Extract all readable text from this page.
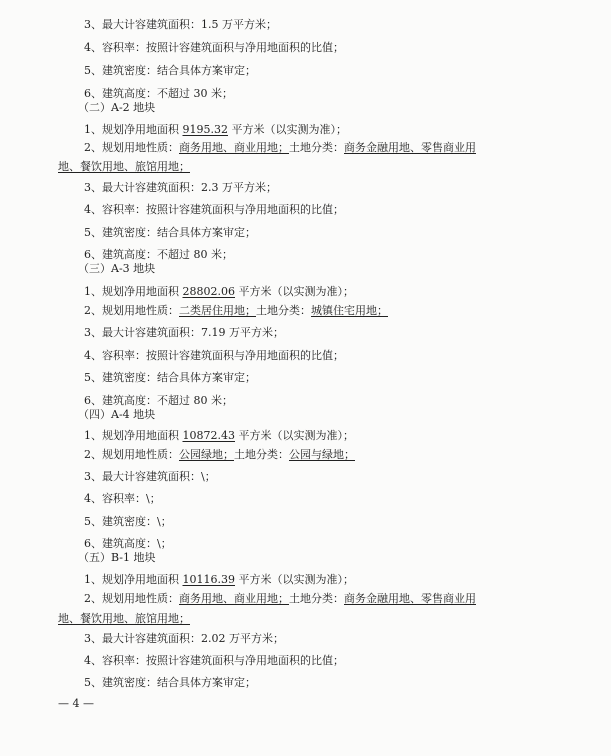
3、最大计容建筑面积：1.5 万平方米；
4、容积率：按照计容建筑面积与净用地面积的比值；
5、建筑密度：结合具体方案审定；
6、建筑高度：不超过 30 米；
（二）A-2 地块
1、规划净用地面积 9195.32 平方米（以实测为准）；
2、规划用地性质：商务用地、商业用地；土地分类：商务金融用地、零售商业用
地、餐饮用地、旅馆用地；
3、最大计容建筑面积：2.3 万平方米；
4、容积率：按照计容建筑面积与净用地面积的比值；
5、建筑密度：结合具体方案审定；
6、建筑高度：不超过 80 米；
（三）A-3 地块
1、规划净用地面积 28802.06 平方米（以实测为准）；
2、规划用地性质：二类居住用地；土地分类：城镇住宅用地；
3、最大计容建筑面积：7.19 万平方米；
4、容积率：按照计容建筑面积与净用地面积的比值；
5、建筑密度：结合具体方案审定；
6、建筑高度：不超过 80 米；
（四）A-4 地块
1、规划净用地面积 10872.43 平方米（以实测为准）；
2、规划用地性质：公园绿地；土地分类：公园与绿地；
3、最大计容建筑面积：\；
4、容积率：\；
5、建筑密度：\；
6、建筑高度：\；
（五）B-1 地块
1、规划净用地面积 10116.39 平方米（以实测为准）；
2、规划用地性质：商务用地、商业用地；土地分类：商务金融用地、零售商业用
地、餐饮用地、旅馆用地；
3、最大计容建筑面积：2.02 万平方米；
4、容积率：按照计容建筑面积与净用地面积的比值；
5、建筑密度：结合具体方案审定；
— 4 —
